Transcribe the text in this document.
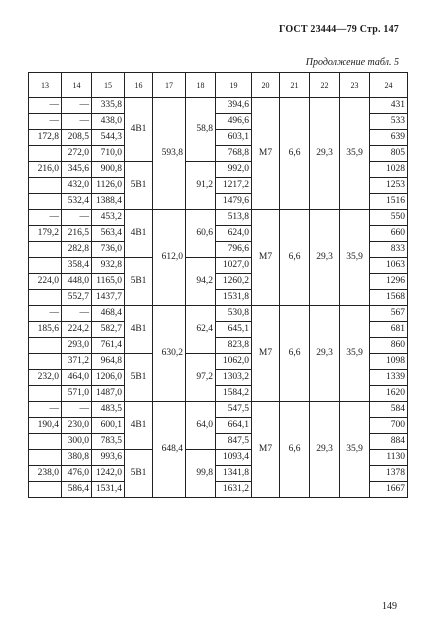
ГОСТ 23444—79 Стр. 147
Продолжение табл. 5
13	14	15	16	17	18	19	20	21	22	23	24
—	—	335,8	4В1	593,8	58,8	394,6	М7	6,6	29,3	35,9	431
—	—	438,0				496,6					533
172,8	208,5	544,3				603,1					639
	272,0	710,0				768,8					805
216,0	345,6	900,8	5В1		91,2	992,0					1028
	432,0	1126,0				1217,2					1253
	532,4	1388,4				1479,6					1516
—	—	453,2	4В1	612,0	60,6	513,8	М7	6,6	29,3	35,9	550
179,2	216,5	563,4				624,0					660
	282,8	736,0				796,6					833
	358,4	932,8	5В1		94,2	1027,0					1063
224,0	448,0	1165,0				1260,2					1296
	552,7	1437,7				1531,8					1568
—	—	468,4	4В1	630,2	62,4	530,8	М7	6,6	29,3	35,9	567
185,6	224,2	582,7				645,1					681
	293,0	761,4				823,8					860
	371,2	964,8	5В1		97,2	1062,0					1098
232,0	464,0	1206,0				1303,2					1339
	571,0	1487,0				1584,2					1620
—	—	483,5	4В1	648,4	64,0	547,5	М7	6,6	29,3	35,9	584
190,4	230,0	600,1				664,1					700
	300,0	783,5				847,5					884
	380,8	993,6	5В1		99,8	1093,4					1130
238,0	476,0	1242,0				1341,8					1378
	586,4	1531,4				1631,2					1667
149
